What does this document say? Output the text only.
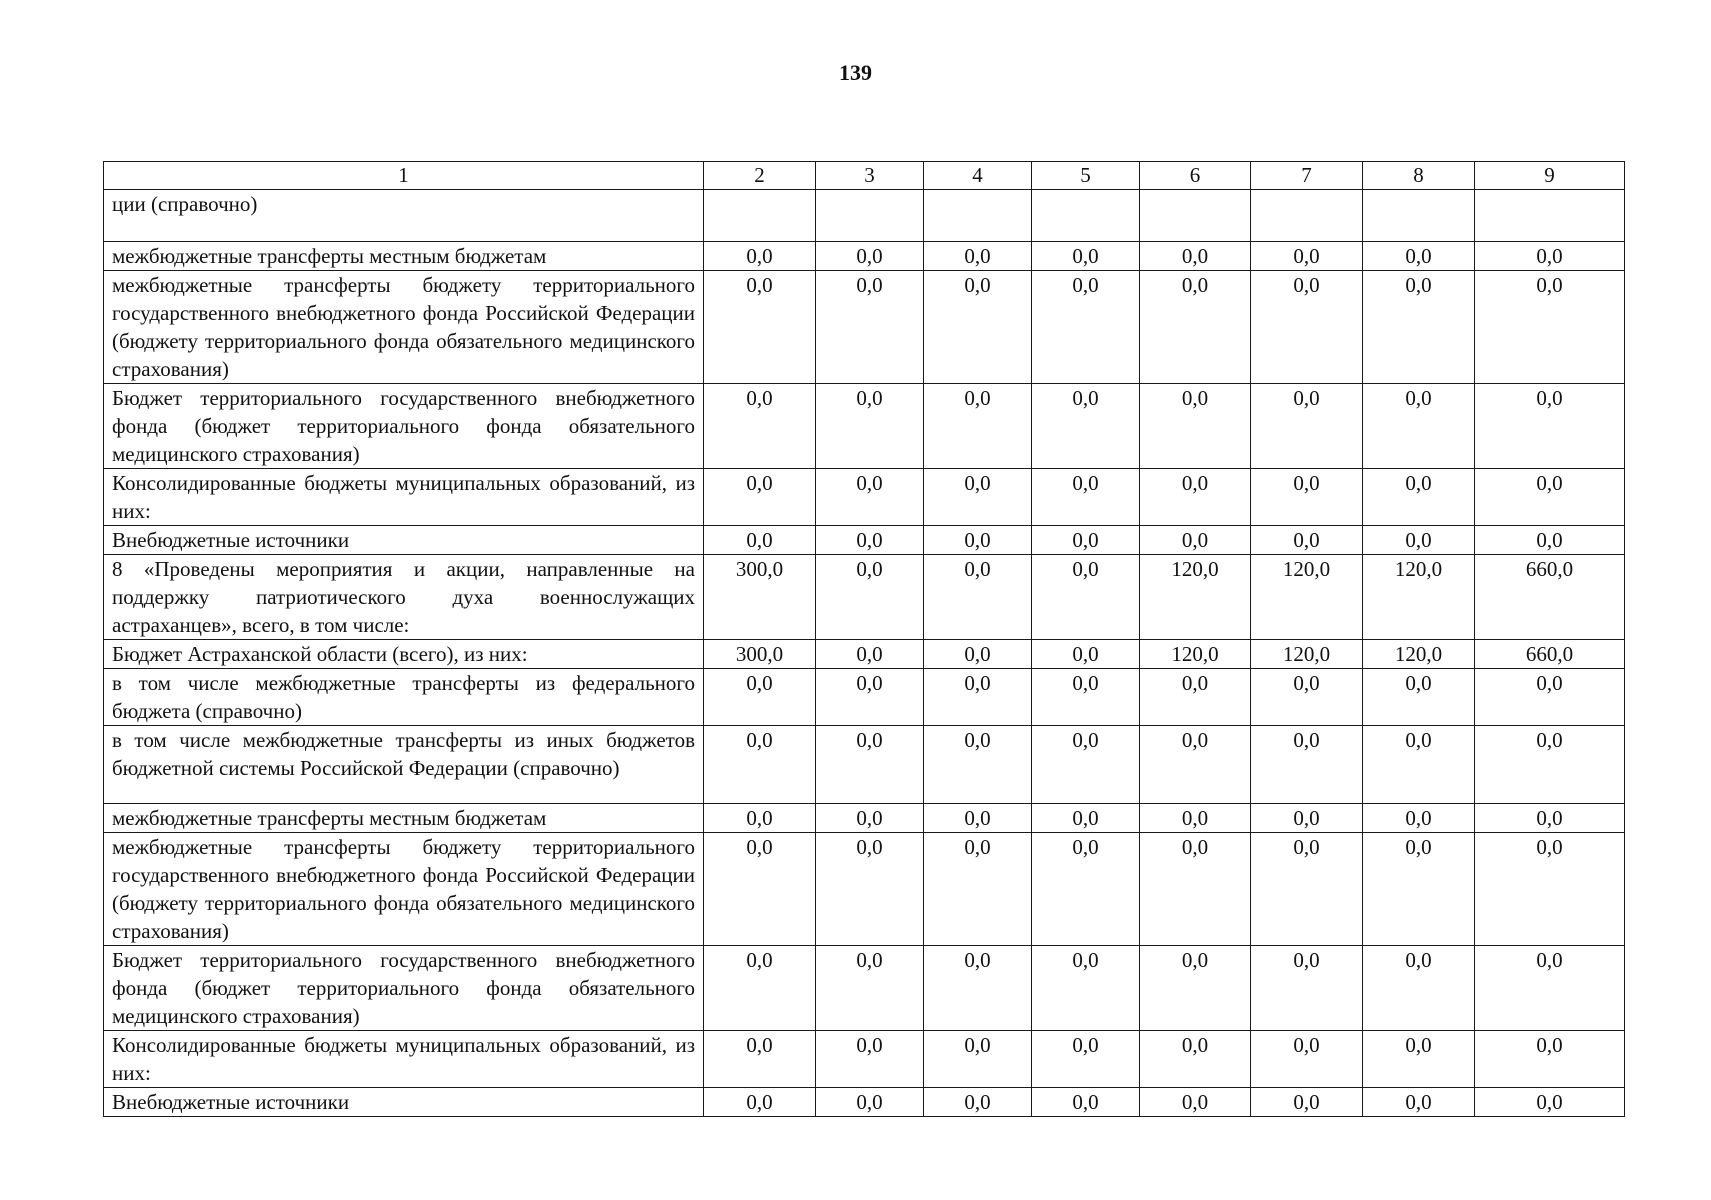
139
1	2	3	4	5	6	7	8	9
ции (справочно)								
межбюджетные трансферты местным бюджетам	0,0	0,0	0,0	0,0	0,0	0,0	0,0	0,0
межбюджетные трансферты бюджету территориального государственного внебюджетного фонда Российской Федерации (бюджету территориального фонда обязательного медицинского страхования)	0,0	0,0	0,0	0,0	0,0	0,0	0,0	0,0
Бюджет территориального государственного внебюджетного фонда (бюджет территориального фонда обязательного медицинского страхования)	0,0	0,0	0,0	0,0	0,0	0,0	0,0	0,0
Консолидированные бюджеты муниципальных образований, из них:	0,0	0,0	0,0	0,0	0,0	0,0	0,0	0,0
Внебюджетные источники	0,0	0,0	0,0	0,0	0,0	0,0	0,0	0,0
8 «Проведены мероприятия и акции, направленные на поддержку патриотического духа военнослужащих астраханцев», всего, в том числе:	300,0	0,0	0,0	0,0	120,0	120,0	120,0	660,0
Бюджет Астраханской области (всего), из них:	300,0	0,0	0,0	0,0	120,0	120,0	120,0	660,0
в том числе межбюджетные трансферты из федерального бюджета (справочно)	0,0	0,0	0,0	0,0	0,0	0,0	0,0	0,0
в том числе межбюджетные трансферты из иных бюджетов бюджетной системы Российской Федерации (справочно)	0,0	0,0	0,0	0,0	0,0	0,0	0,0	0,0
межбюджетные трансферты местным бюджетам	0,0	0,0	0,0	0,0	0,0	0,0	0,0	0,0
межбюджетные трансферты бюджету территориального государственного внебюджетного фонда Российской Федерации (бюджету территориального фонда обязательного медицинского страхования)	0,0	0,0	0,0	0,0	0,0	0,0	0,0	0,0
Бюджет территориального государственного внебюджетного фонда (бюджет территориального фонда обязательного медицинского страхования)	0,0	0,0	0,0	0,0	0,0	0,0	0,0	0,0
Консолидированные бюджеты муниципальных образований, из них:	0,0	0,0	0,0	0,0	0,0	0,0	0,0	0,0
Внебюджетные источники	0,0	0,0	0,0	0,0	0,0	0,0	0,0	0,0
